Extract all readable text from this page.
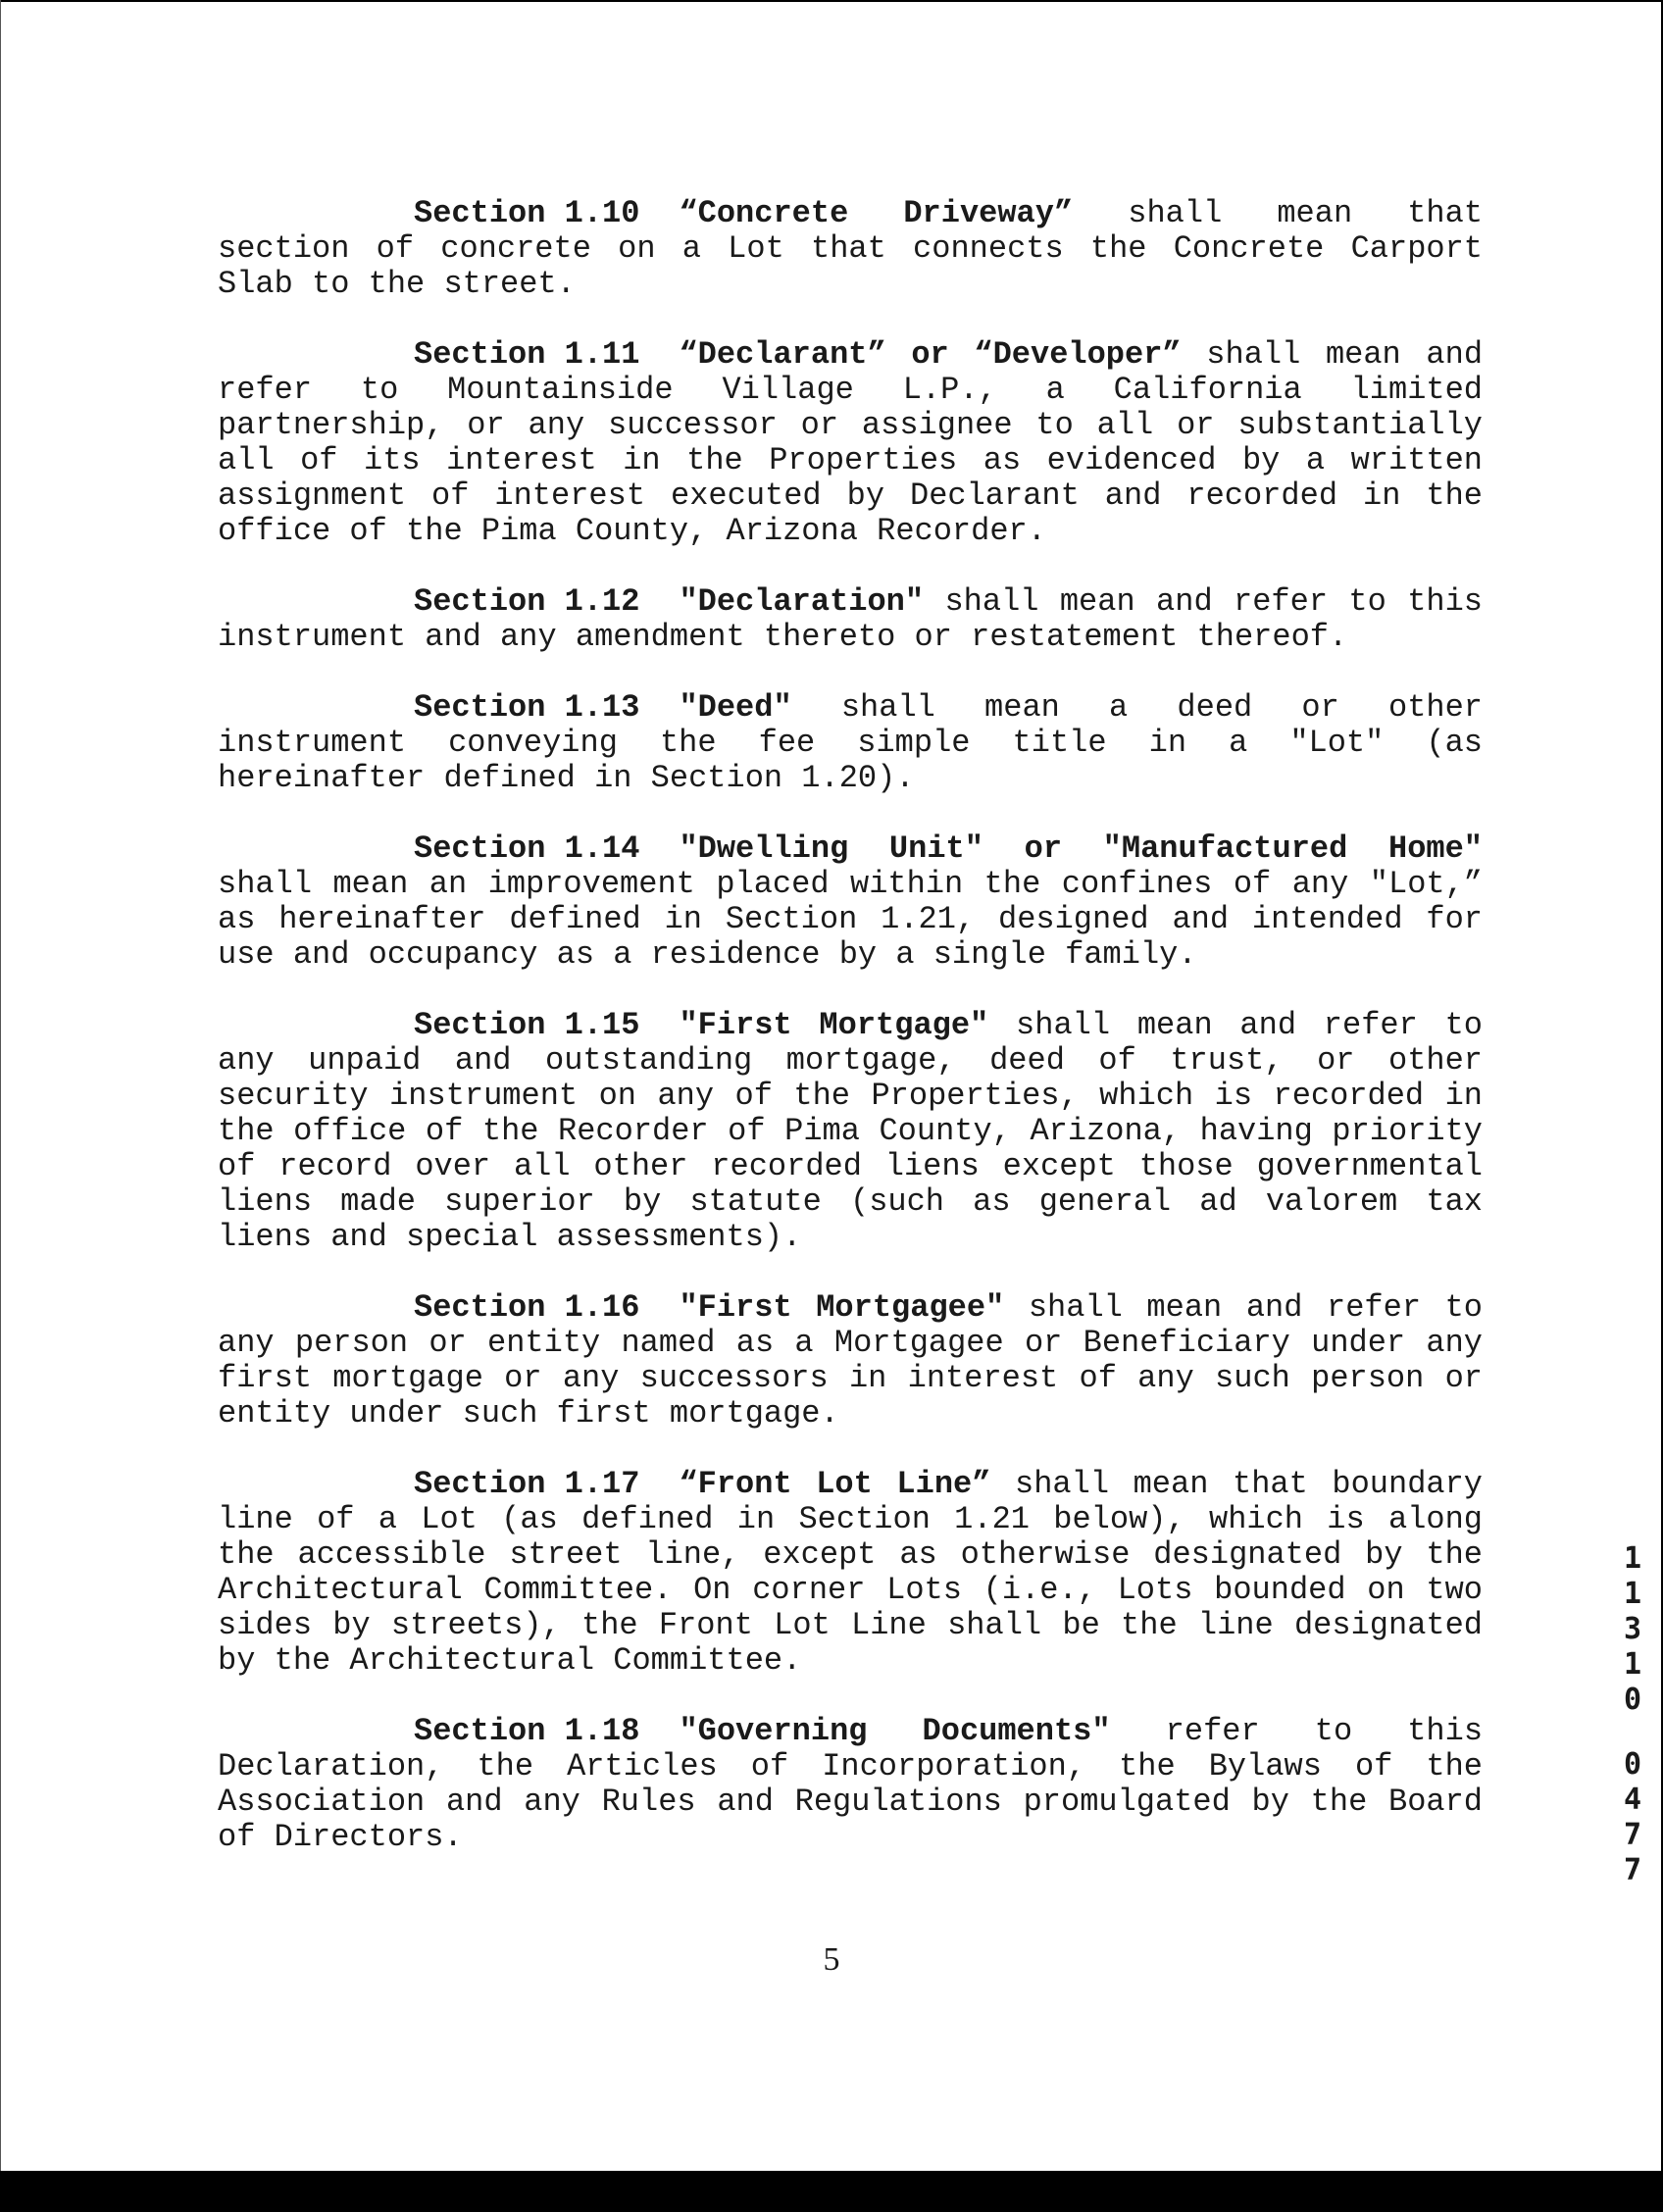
Section 1.10 “Concrete Driveway” shall mean that section of concrete on a Lot that connects the Concrete Carport Slab to the street.

Section 1.11 “Declarant” or “Developer” shall mean and refer to Mountainside Village L.P., a California limited partnership, or any successor or assignee to all or substantially all of its interest in the Properties as evidenced by a written assignment of interest executed by Declarant and recorded in the office of the Pima County, Arizona Recorder.

Section 1.12 "Declaration" shall mean and refer to this instrument and any amendment thereto or restatement thereof.

Section 1.13 "Deed" shall mean a deed or other instrument conveying the fee simple title in a "Lot" (as hereinafter defined in Section 1.20).

Section 1.14 "Dwelling Unit" or "Manufactured Home" shall mean an improvement placed within the confines of any "Lot,” as hereinafter defined in Section 1.21, designed and intended for use and occupancy as a residence by a single family.

Section 1.15 "First Mortgage" shall mean and refer to any unpaid and outstanding mortgage, deed of trust, or other security instrument on any of the Properties, which is recorded in the office of the Recorder of Pima County, Arizona, having priority of record over all other recorded liens except those governmental liens made superior by statute (such as general ad valorem tax liens and special assessments).

Section 1.16 "First Mortgagee" shall mean and refer to any person or entity named as a Mortgagee or Beneficiary under any first mortgage or any successors in interest of any such person or entity under such first mortgage.

Section 1.17 “Front Lot Line” shall mean that boundary line of a Lot (as defined in Section 1.21 below), which is along the accessible street line, except as otherwise designated by the Architectural Committee. On corner Lots (i.e., Lots bounded on two sides by streets), the Front Lot Line shall be the line designated by the Architectural Committee.

Section 1.18 "Governing Documents" refer to this Declaration, the Articles of Incorporation, the Bylaws of the Association and any Rules and Regulations promulgated by the Board of Directors.

1
1
3
1
0
0
4
7
7
5
